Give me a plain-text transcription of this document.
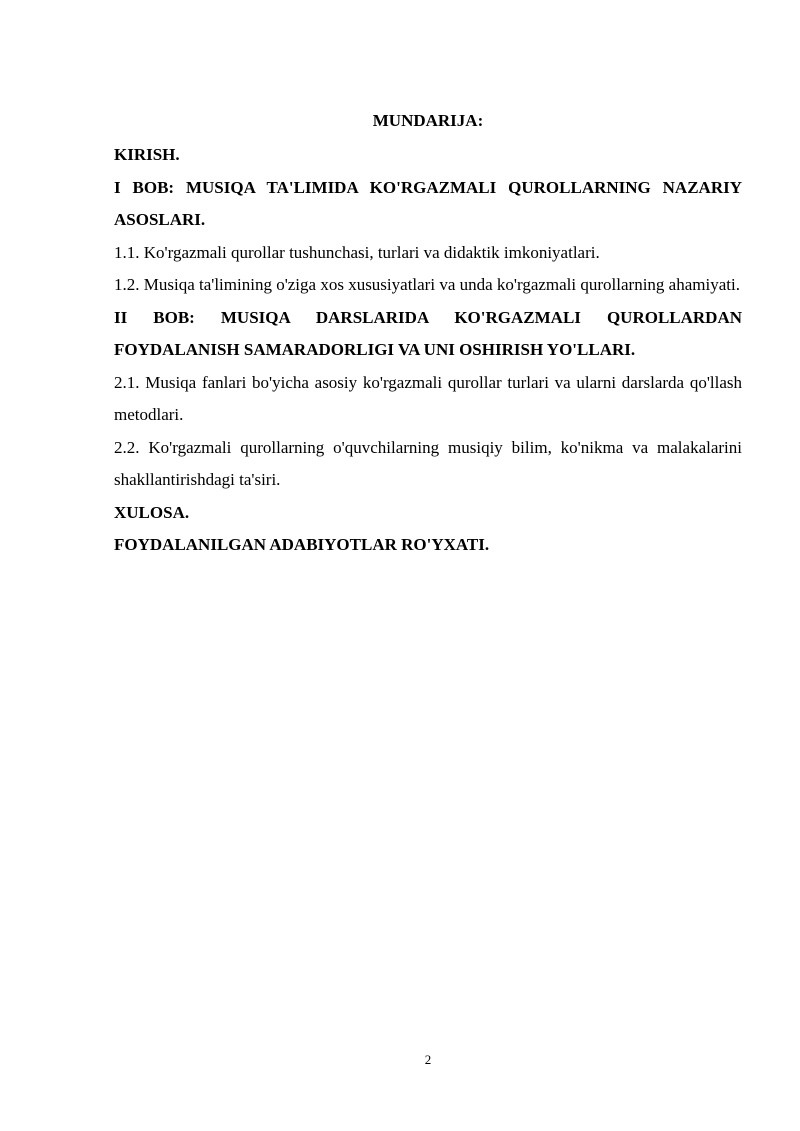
MUNDARIJA:

KIRISH.

I BOB: MUSIQA TA'LIMIDA KO'RGAZMALI QUROLLARNING NAZARIY ASOSLARI.

1.1. Ko'rgazmali qurollar tushunchasi, turlari va didaktik imkoniyatlari.

1.2. Musiqa ta'limining o'ziga xos xususiyatlari va unda ko'rgazmali qurollarning ahamiyati.

II BOB: MUSIQA DARSLARIDA KO'RGAZMALI QUROLLARDAN FOYDALANISH SAMARADORLIGI VA UNI OSHIRISH YO'LLARI.

2.1. Musiqa fanlari bo'yicha asosiy ko'rgazmali qurollar turlari va ularni darslarda qo'llash metodlari.

2.2. Ko'rgazmali qurollarning o'quvchilarning musiqiy bilim, ko'nikma va malakalarini shakllantirishdagi ta'siri.

XULOSA.

FOYDALANILGAN ADABIYOTLAR RO'YXATI.

2
